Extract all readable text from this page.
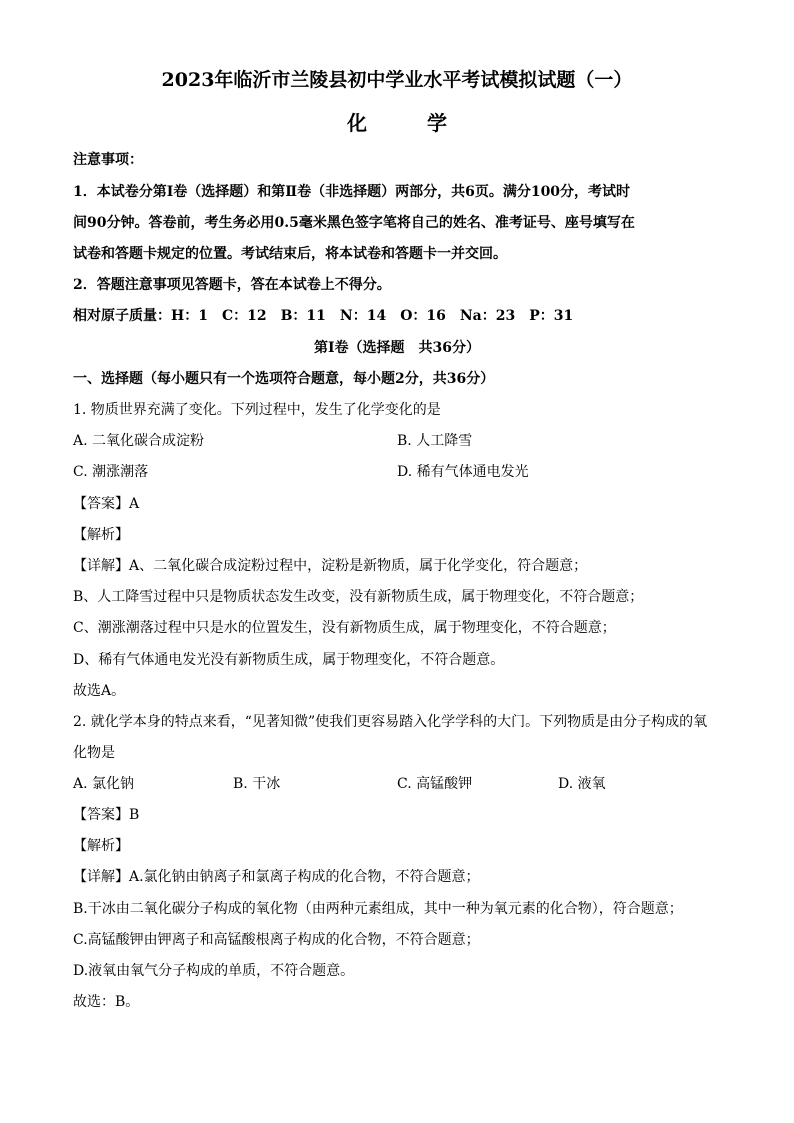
2023年临沂市兰陵县初中学业水平考试模拟试题（一）
化	学
注意事项：
1．本试卷分第Ⅰ卷（选择题）和第Ⅱ卷（非选择题）两部分，共6页。满分100分，考试时
间90分钟。答卷前，考生务必用0.5毫米黑色签字笔将自己的姓名、准考证号、座号填写在
试卷和答题卡规定的位置。考试结束后，将本试卷和答题卡一并交回。
2．答题注意事项见答题卡，答在本试卷上不得分。
相对原子质量：H：1　C：12　B：11　N：14　O：16　Na：23　P：31
第Ⅰ卷（选择题　共36分）
一、选择题（每小题只有一个选项符合题意，每小题2分，共36分）
1. 物质世界充满了变化。下列过程中，发生了化学变化的是
A. 二氧化碳合成淀粉	B. 人工降雪
C. 潮涨潮落	D. 稀有气体通电发光
【答案】A
【解析】
【详解】A、二氧化碳合成淀粉过程中，淀粉是新物质，属于化学变化，符合题意；
B、人工降雪过程中只是物质状态发生改变，没有新物质生成，属于物理变化，不符合题意；
C、潮涨潮落过程中只是水的位置发生，没有新物质生成，属于物理变化，不符合题意；
D、稀有气体通电发光没有新物质生成，属于物理变化，不符合题意。
故选A。
2. 就化学本身的特点来看，“见著知微”使我们更容易踏入化学学科的大门。下列物质是由分子构成的氧
化物是
A. 氯化钠	B. 干冰	C. 高锰酸钾	D. 液氧
【答案】B
【解析】
【详解】A.氯化钠由钠离子和氯离子构成的化合物，不符合题意；
B.干冰由二氧化碳分子构成的氧化物（由两种元素组成，其中一种为氧元素的化合物），符合题意；
C.高锰酸钾由钾离子和高锰酸根离子构成的化合物，不符合题意；
D.液氧由氧气分子构成的单质，不符合题意。
故选：B。
